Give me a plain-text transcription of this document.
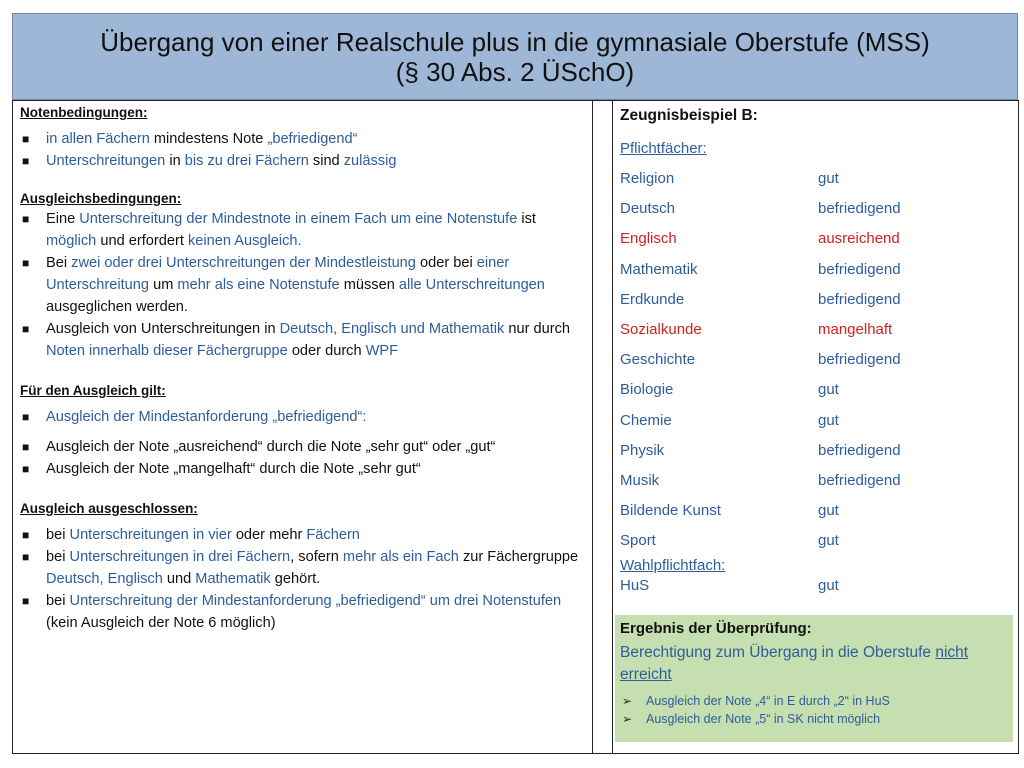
Übergang von einer Realschule plus in die gymnasiale Oberstufe (MSS)
(§ 30 Abs. 2 ÜSchO)
Notenbedingungen:
■ in allen Fächern mindestens Note „befriedigend“
■ Unterschreitungen in bis zu drei Fächern sind zulässig
Ausgleichsbedingungen:
■ Eine Unterschreitung der Mindestnote in einem Fach um eine Notenstufe ist möglich und erfordert keinen Ausgleich.
■ Bei zwei oder drei Unterschreitungen der Mindestleistung oder bei einer Unterschreitung um mehr als eine Notenstufe müssen alle Unterschreitungen ausgeglichen werden.
■ Ausgleich von Unterschreitungen in Deutsch, Englisch und Mathematik nur durch Noten innerhalb dieser Fächergruppe oder durch WPF
Für den Ausgleich gilt:
■ Ausgleich der Mindestanforderung „befriedigend“:
■ Ausgleich der Note „ausreichend“ durch die Note „sehr gut“ oder „gut“
■ Ausgleich der Note „mangelhaft“ durch die Note „sehr gut“
Ausgleich ausgeschlossen:
■ bei Unterschreitungen in vier oder mehr Fächern
■ bei Unterschreitungen in drei Fächern, sofern mehr als ein Fach zur Fächergruppe Deutsch, Englisch und Mathematik gehört.
■ bei Unterschreitung der Mindestanforderung „befriedigend“ um drei Notenstufen (kein Ausgleich der Note 6 möglich)
Zeugnisbeispiel B:
Pflichtfächer:
Religion	gut
Deutsch	befriedigend
Englisch	ausreichend
Mathematik	befriedigend
Erdkunde	befriedigend
Sozialkunde	mangelhaft
Geschichte	befriedigend
Biologie	gut
Chemie	gut
Physik	befriedigend
Musik	befriedigend
Bildende Kunst	gut
Sport	gut
Wahlpflichtfach:
HuS	gut
Ergebnis der Überprüfung:
Berechtigung zum Übergang in die Oberstufe nicht erreicht
➢ Ausgleich der Note „4“ in E durch „2“ in HuS
➢ Ausgleich der Note „5“ in SK nicht möglich
